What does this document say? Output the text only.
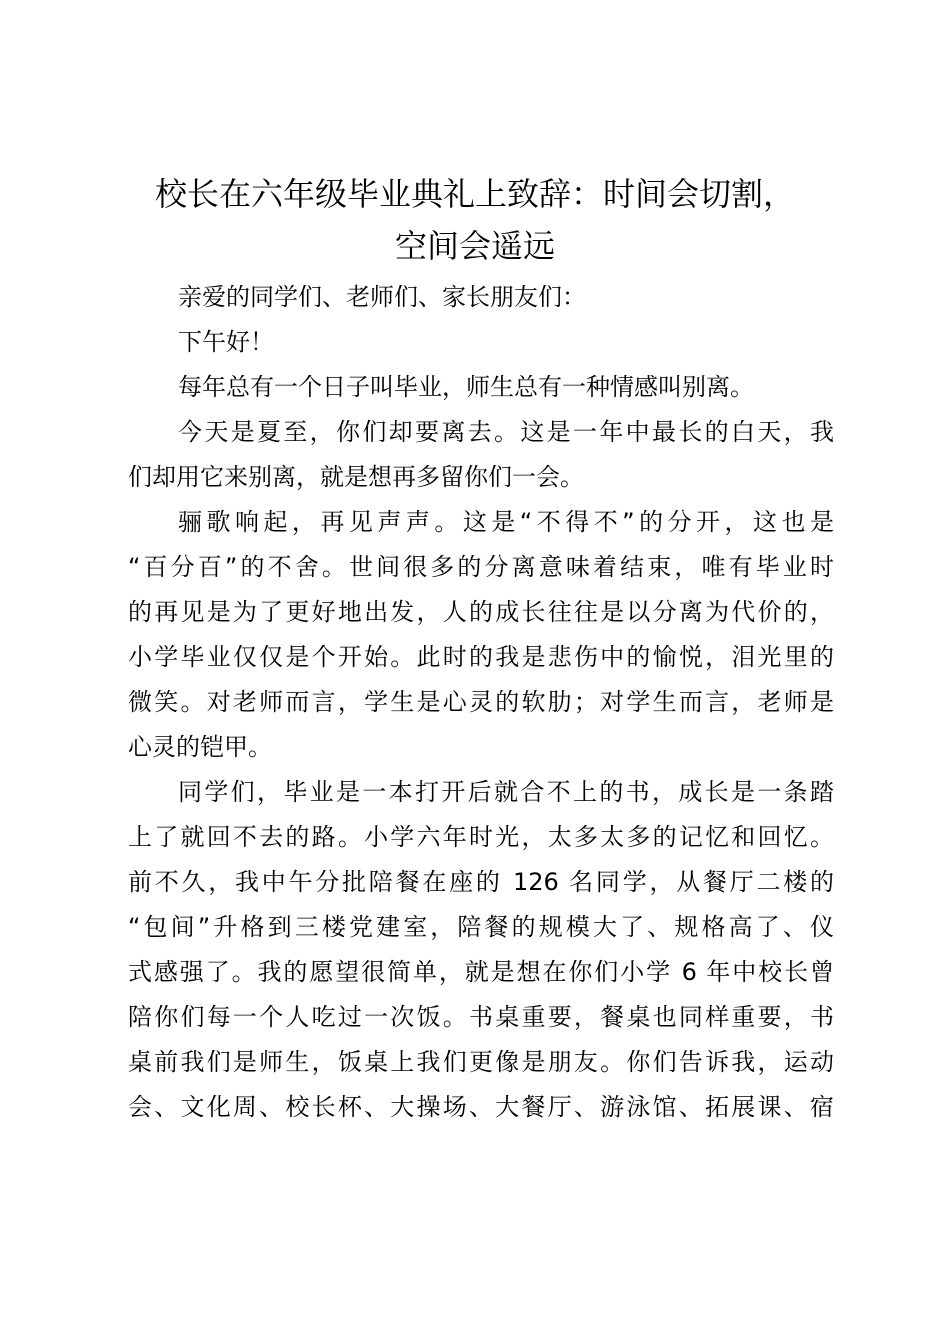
校长在六年级毕业典礼上致辞：时间会切割，
空间会遥远
亲爱的同学们、老师们、家长朋友们：
下午好！
每年总有一个日子叫毕业，师生总有一种情感叫别离。
今天是夏至，你们却要离去。这是一年中最长的白天，我
们却用它来别离，就是想再多留你们一会。
骊歌响起，再见声声。这是“不得不”的分开，这也是
“百分百”的不舍。世间很多的分离意味着结束，唯有毕业时
的再见是为了更好地出发，人的成长往往是以分离为代价的，
小学毕业仅仅是个开始。此时的我是悲伤中的愉悦，泪光里的
微笑。对老师而言，学生是心灵的软肋；对学生而言，老师是
心灵的铠甲。
同学们，毕业是一本打开后就合不上的书，成长是一条踏
上了就回不去的路。小学六年时光，太多太多的记忆和回忆。
前不久，我中午分批陪餐在座的 126 名同学，从餐厅二楼的
“包间”升格到三楼党建室，陪餐的规模大了、规格高了、仪
式感强了。我的愿望很简单，就是想在你们小学 6 年中校长曾
陪你们每一个人吃过一次饭。书桌重要，餐桌也同样重要，书
桌前我们是师生，饭桌上我们更像是朋友。你们告诉我，运动
会、文化周、校长杯、大操场、大餐厅、游泳馆、拓展课、宿
